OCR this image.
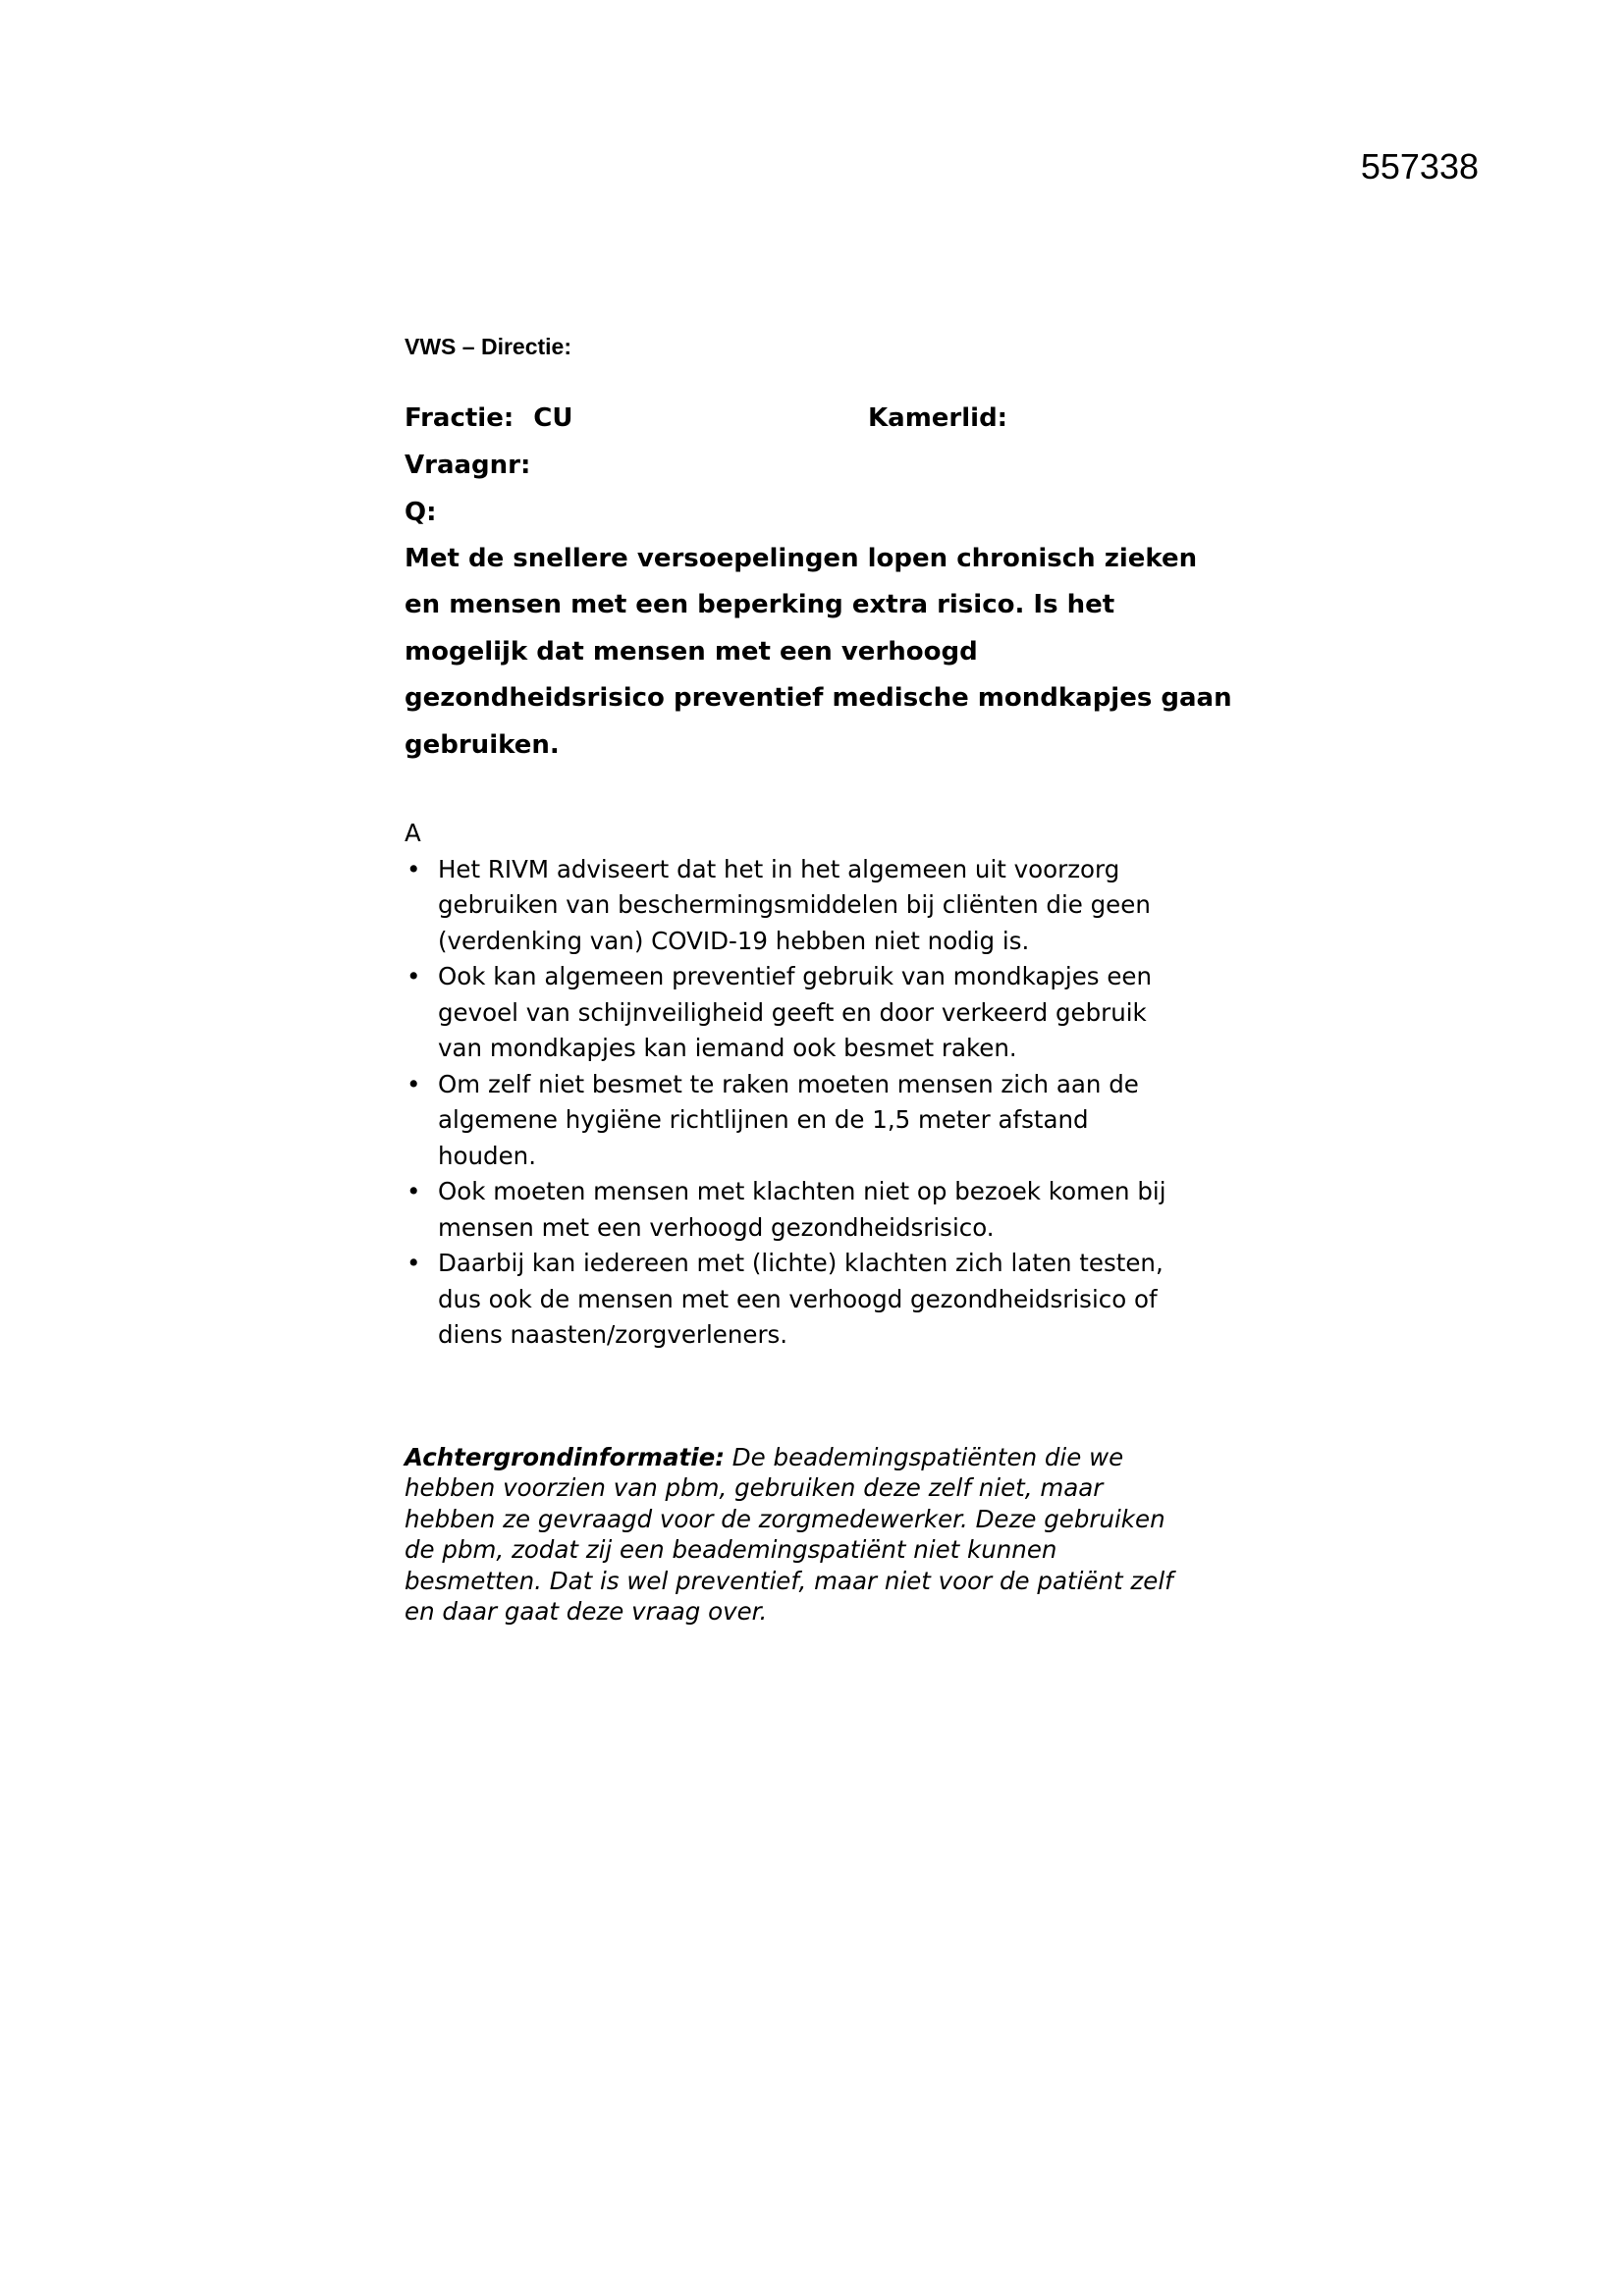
557338
VWS – Directie:
Fractie: CU	Kamerlid:
Vraagnr:
Q:

Met de snellere versoepelingen lopen chronisch zieken
en mensen met een beperking extra risico. Is het
mogelijk dat mensen met een verhoogd
gezondheidsrisico preventief medische mondkapjes gaan
gebruiken.

A

• Het RIVM adviseert dat het in het algemeen uit voorzorg
gebruiken van beschermingsmiddelen bij cliënten die geen
(verdenking van) COVID-19 hebben niet nodig is.
• Ook kan algemeen preventief gebruik van mondkapjes een
gevoel van schijnveiligheid geeft en door verkeerd gebruik
van mondkapjes kan iemand ook besmet raken.
• Om zelf niet besmet te raken moeten mensen zich aan de
algemene hygiëne richtlijnen en de 1,5 meter afstand
houden.
• Ook moeten mensen met klachten niet op bezoek komen bij
mensen met een verhoogd gezondheidsrisico.
• Daarbij kan iedereen met (lichte) klachten zich laten testen,
dus ook de mensen met een verhoogd gezondheidsrisico of
diens naasten/zorgverleners.
Achtergrondinformatie: De beademingspatiënten die we
hebben voorzien van pbm, gebruiken deze zelf niet, maar
hebben ze gevraagd voor de zorgmedewerker. Deze gebruiken
de pbm, zodat zij een beademingspatiënt niet kunnen
besmetten. Dat is wel preventief, maar niet voor de patiënt zelf
en daar gaat deze vraag over.
